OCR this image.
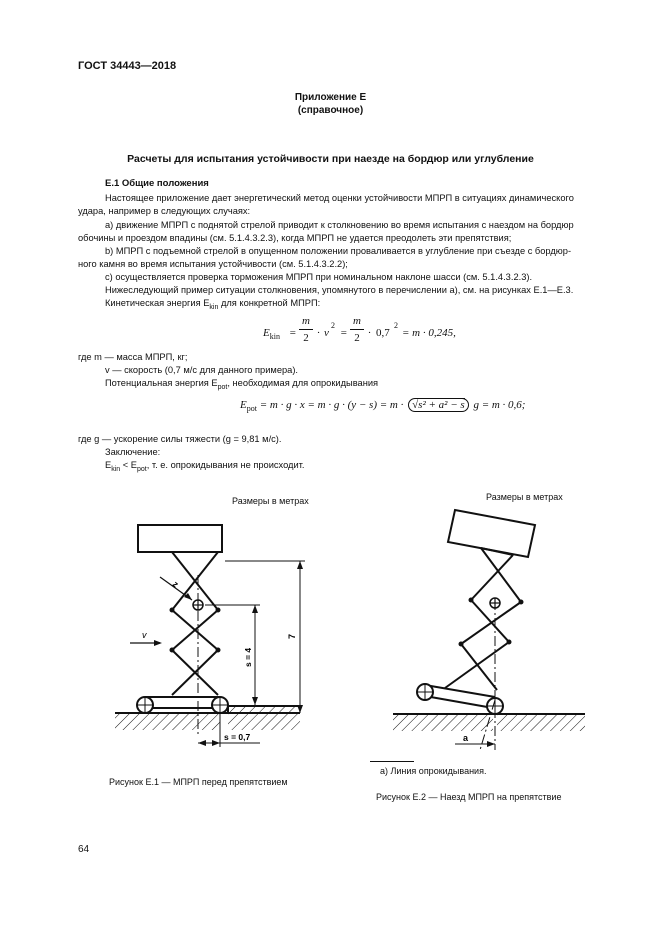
ГОСТ 34443—2018
Приложение Е
(справочное)
Расчеты для испытания устойчивости при наезде на бордюр или углубление
Е.1 Общие положения
Настоящее приложение дает энергетический метод оценки устойчивости МПРП в ситуациях динамического
удара, например в следующих случаях:
а) движение МПРП с поднятой стрелой приводит к столкновению во время испытания с наездом на бордюр
обочины и проездом впадины (см. 5.1.4.3.2.3), когда МПРП не удается преодолеть эти препятствия;
b) МПРП с подъемной стрелой в опущенном положении проваливается в углубление при съезде с бордюр-
ного камня во время испытания устойчивости (см. 5.1.4.3.2.2);
c) осуществляется проверка торможения МПРП при номинальном наклоне шасси (см. 5.1.4.3.2.3).
Нижеследующий пример ситуации столкновения, упомянутого в перечислении а), см. на рисунках Е.1—Е.3.
Кинетическая энергия $E_{kin}$ для конкретной МПРП:
$E_{kin}$ =
m
2 · v
2
=
m
2 · 0,7
2
= m · 0,245,
где m — масса МПРП, кг;
v — скорость (0,7 м/с для данного примера).
Потенциальная энергия $E_{pot}$, необходимая для опрокидывания
$E_{pot} = m \cdot g \cdot x = m \cdot g \cdot (y - s) = m \cdot √s^2 + a^2 - s$ g = m · 0,6;
где g — ускорение силы тяжести (g = 9,81 м/с).
Заключение:
$E_{kin} < E_{pot}$, т. е. опрокидывания не происходит.
Размеры в метрах
z
v	7
s = 4
s = 0,7
Рисунок Е.1 — МПРП перед препятствием
Размеры в метрах
a
а) Линия опрокидывания.
Рисунок Е.2 — Наезд МПРП на препятствие
64
